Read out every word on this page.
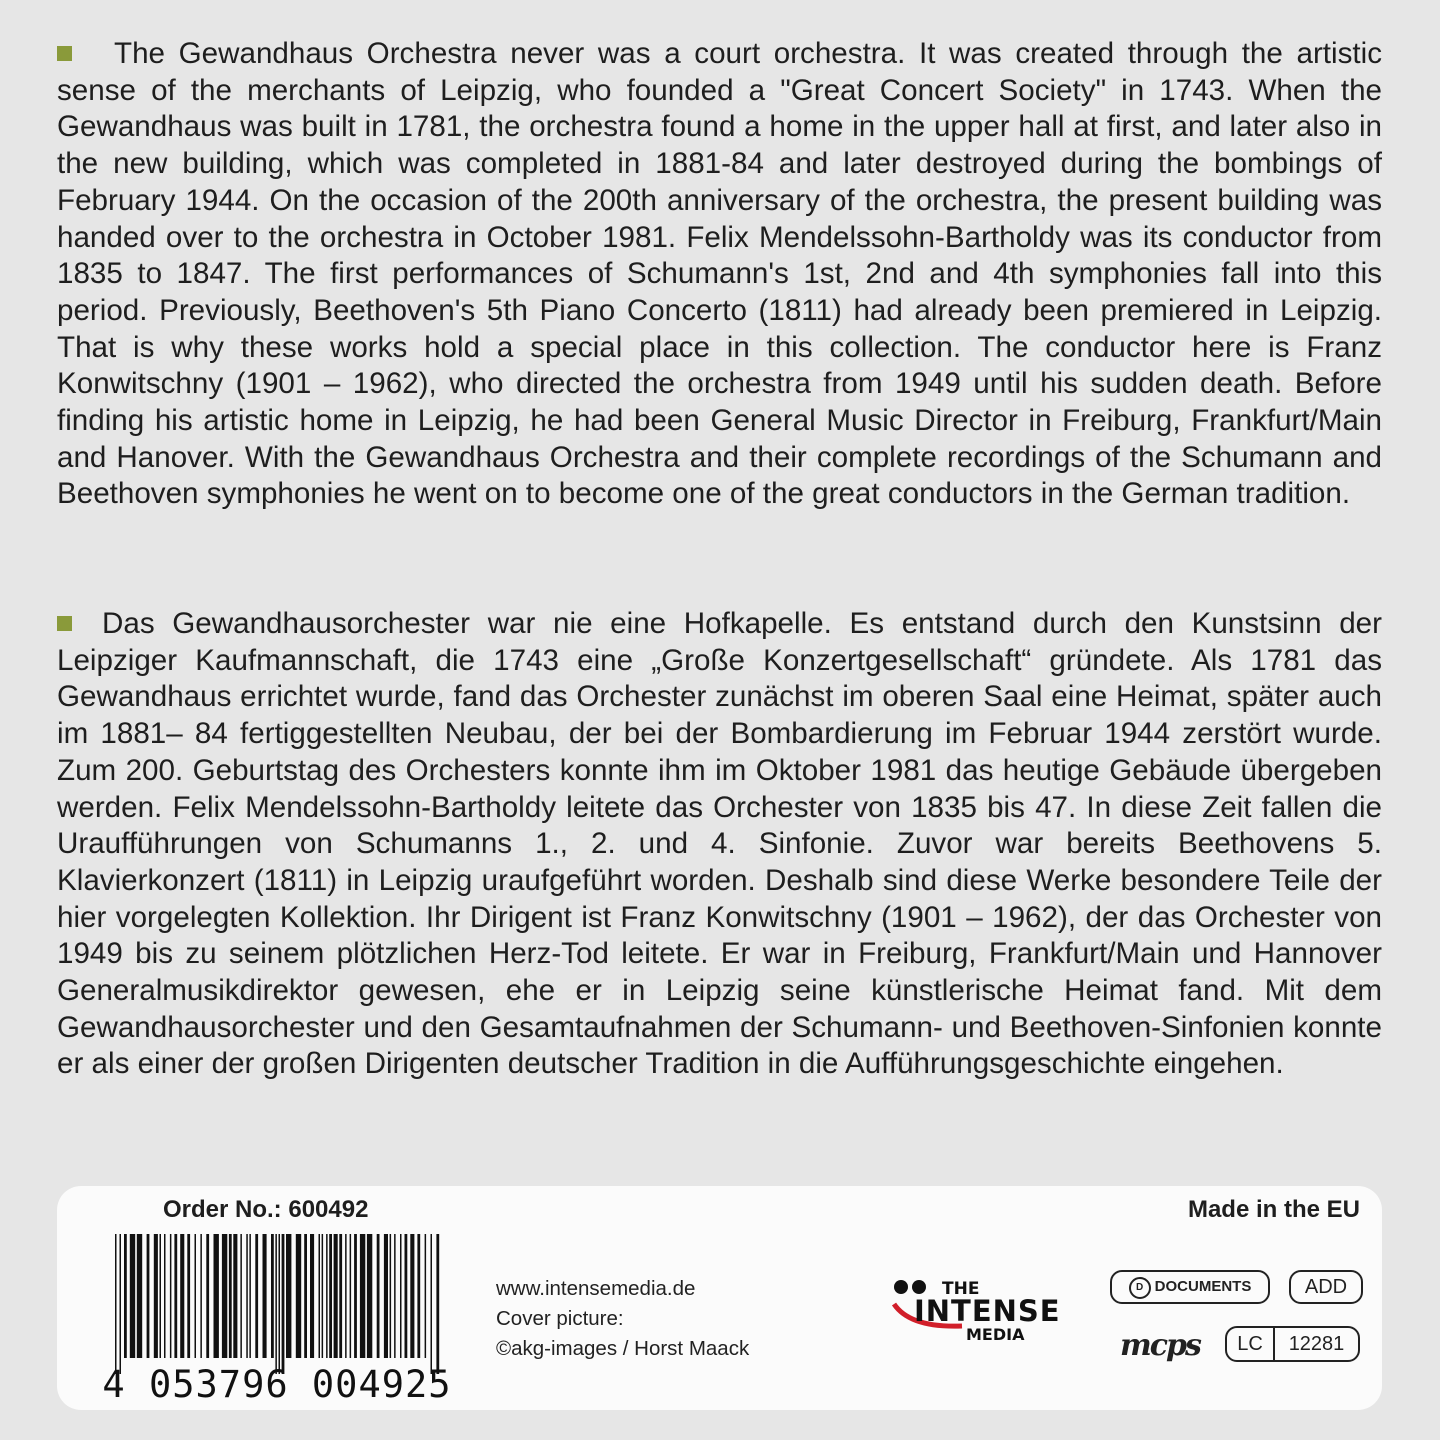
The Gewandhaus Orchestra never was a court orchestra. It was created through the artistic sense of the merchants of Leipzig, who founded a "Great Concert Society" in 1743. When the Gewandhaus was built in 1781, the orchestra found a home in the upper hall at first, and later also in the new building, which was completed in 1881-84 and later destroyed during the bombings of February 1944. On the occasion of the 200th anniversary of the orchestra, the present building was handed over to the orchestra in October 1981. Felix Mendelssohn-Bartholdy was its conductor from 1835 to 1847. The first performances of Schumann's 1st, 2nd and 4th symphonies fall into this period. Previously, Beethoven's 5th Piano Concerto (1811) had already been premiered in Leipzig. That is why these works hold a special place in this collection. The conductor here is Franz Konwitschny (1901 – 1962), who directed the orchestra from 1949 until his sudden death. Before finding his artistic home in Leipzig, he had been General Music Director in Freiburg, Frankfurt/Main and Hanover. With the Gewandhaus Orchestra and their complete recordings of the Schumann and Beethoven symphonies he went on to become one of the great conductors in the German tradition.

Das Gewandhausorchester war nie eine Hofkapelle. Es entstand durch den Kunstsinn der Leipziger Kaufmannschaft, die 1743 eine „Große Konzertgesellschaft“ gründete. Als 1781 das Gewandhaus errichtet wurde, fand das Orchester zunächst im oberen Saal eine Heimat, später auch im 1881– 84 fertiggestellten Neubau, der bei der Bombardierung im Februar 1944 zerstört wurde. Zum 200. Geburtstag des Orchesters konnte ihm im Oktober 1981 das heutige Gebäude übergeben werden. Felix Mendelssohn-Bartholdy leitete das Orchester von 1835 bis 47. In diese Zeit fallen die Uraufführungen von Schumanns 1., 2. und 4. Sinfonie. Zuvor war bereits Beethovens 5. Klavierkonzert (1811) in Leipzig uraufgeführt worden. Deshalb sind diese Werke besondere Teile der hier vorgelegten Kollektion. Ihr Dirigent ist Franz Konwitschny (1901 – 1962), der das Orchester von 1949 bis zu seinem plötzlichen Herz-Tod leitete. Er war in Freiburg, Frankfurt/Main und Hannover Generalmusikdirektor gewesen, ehe er in Leipzig seine künstlerische Heimat fand. Mit dem Gewandhausorchester und den Gesamtaufnahmen der Schumann- und Beethoven-Sinfonien konnte er als einer der großen Dirigenten deutscher Tradition in die Aufführungsgeschichte eingehen.

Order No.: 600492	Made in the EU
4 053796 004925
www.intensemedia.de
Cover picture:
©akg-images / Horst Maack
THE
INTENSE
MEDIA
D DOCUMENTS	ADD
mcps	LC	12281
